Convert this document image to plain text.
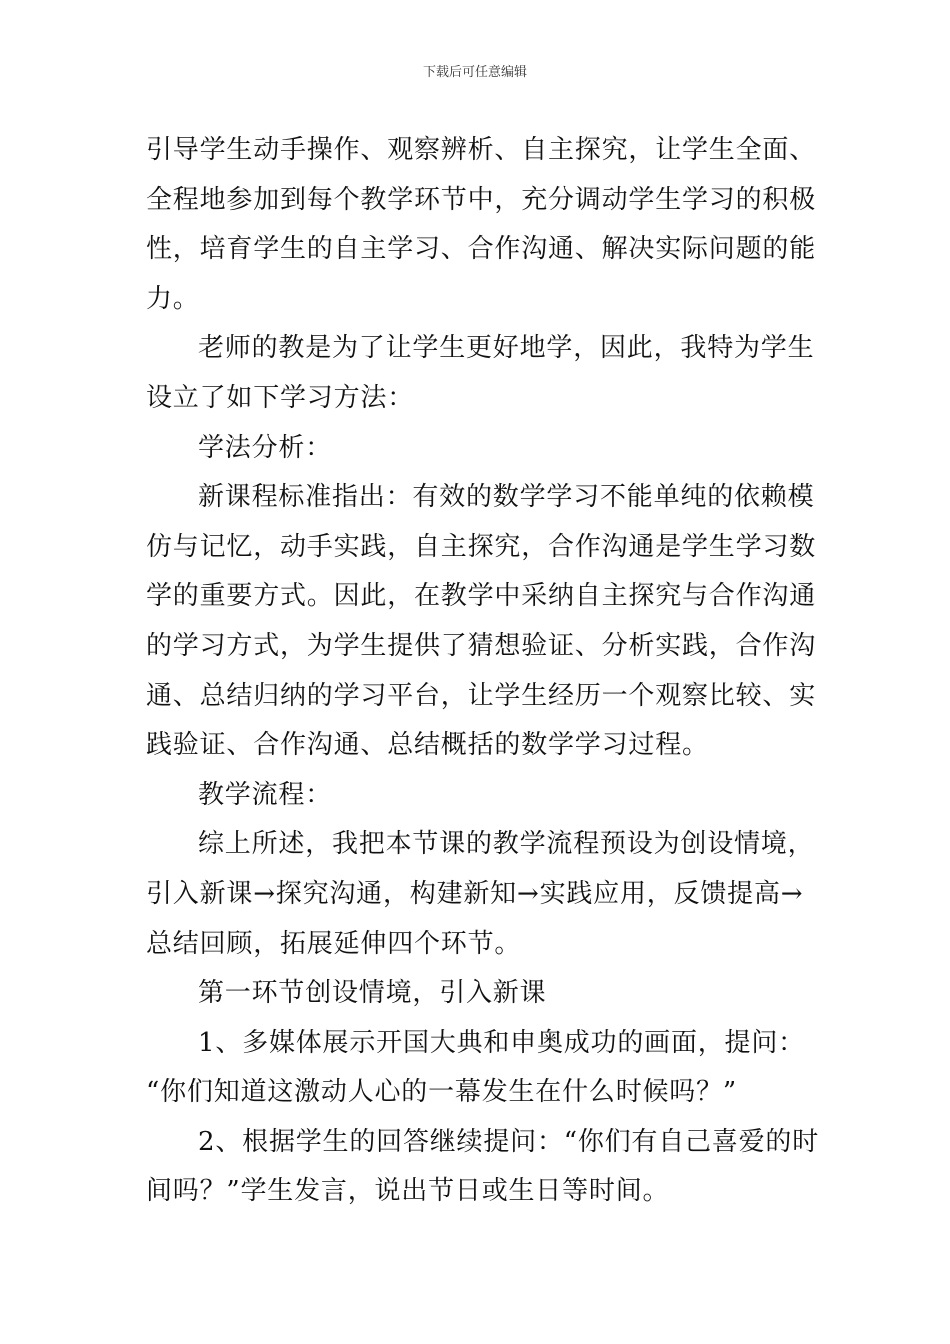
下载后可任意编辑
引导学生动手操作、观察辨析、自主探究，让学生全面、
全程地参加到每个教学环节中，充分调动学生学习的积极
性，培育学生的自主学习、合作沟通、解决实际问题的能
力。
老师的教是为了让学生更好地学，因此，我特为学生
设立了如下学习方法：
学法分析：
新课程标准指出：有效的数学学习不能单纯的依赖模
仿与记忆，动手实践，自主探究，合作沟通是学生学习数
学的重要方式。因此，在教学中采纳自主探究与合作沟通
的学习方式，为学生提供了猜想验证、分析实践，合作沟
通、总结归纳的学习平台，让学生经历一个观察比较、实
践验证、合作沟通、总结概括的数学学习过程。
教学流程：
综上所述，我把本节课的教学流程预设为创设情境，
引入新课→探究沟通，构建新知→实践应用，反馈提高→
总结回顾，拓展延伸四个环节。
第一环节创设情境，引入新课
1、多媒体展示开国大典和申奥成功的画面，提问：
“你们知道这激动人心的一幕发生在什么时候吗？”
2、根据学生的回答继续提问：“你们有自己喜爱的时
间吗？”学生发言，说出节日或生日等时间。
